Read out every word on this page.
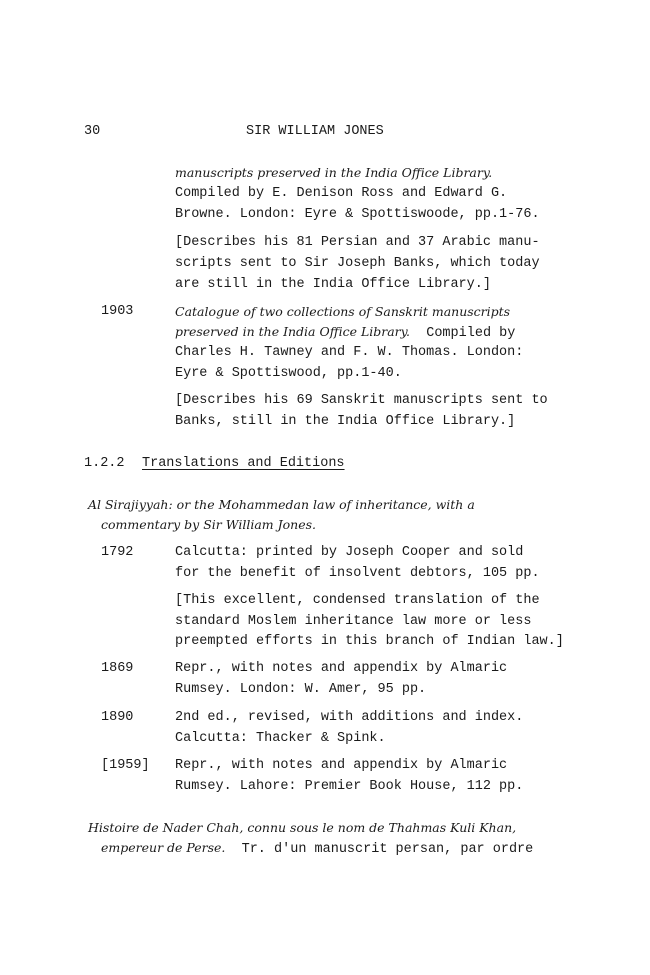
30	SIR WILLIAM JONES
manuscripts preserved in the India Office Library.
Compiled by E. Denison Ross and Edward G.
Browne. London: Eyre & Spottiswoode, pp.1-76.
[Describes his 81 Persian and 37 Arabic manu-
scripts sent to Sir Joseph Banks, which today
are still in the India Office Library.]
1903	Catalogue of two collections of Sanskrit manuscripts
preserved in the India Office Library.  Compiled by
Charles H. Tawney and F. W. Thomas. London:
Eyre & Spottiswood, pp.1-40.
[Describes his 69 Sanskrit manuscripts sent to
Banks, still in the India Office Library.]
1.2.2 Translations and Editions
Al Sirajiyyah: or the Mohammedan law of inheritance, with a
commentary by Sir William Jones.
1792	Calcutta: printed by Joseph Cooper and sold
for the benefit of insolvent debtors, 105 pp.
[This excellent, condensed translation of the
standard Moslem inheritance law more or less
preempted efforts in this branch of Indian law.]
1869	Repr., with notes and appendix by Almaric
Rumsey. London: W. Amer, 95 pp.
1890	2nd ed., revised, with additions and index.
Calcutta: Thacker & Spink.
[1959] Repr., with notes and appendix by Almaric
Rumsey. Lahore: Premier Book House, 112 pp.
Histoire de Nader Chah, connu sous le nom de Thahmas Kuli Khan,
empereur de Perse.  Tr. d'un manuscrit persan, par ordre
